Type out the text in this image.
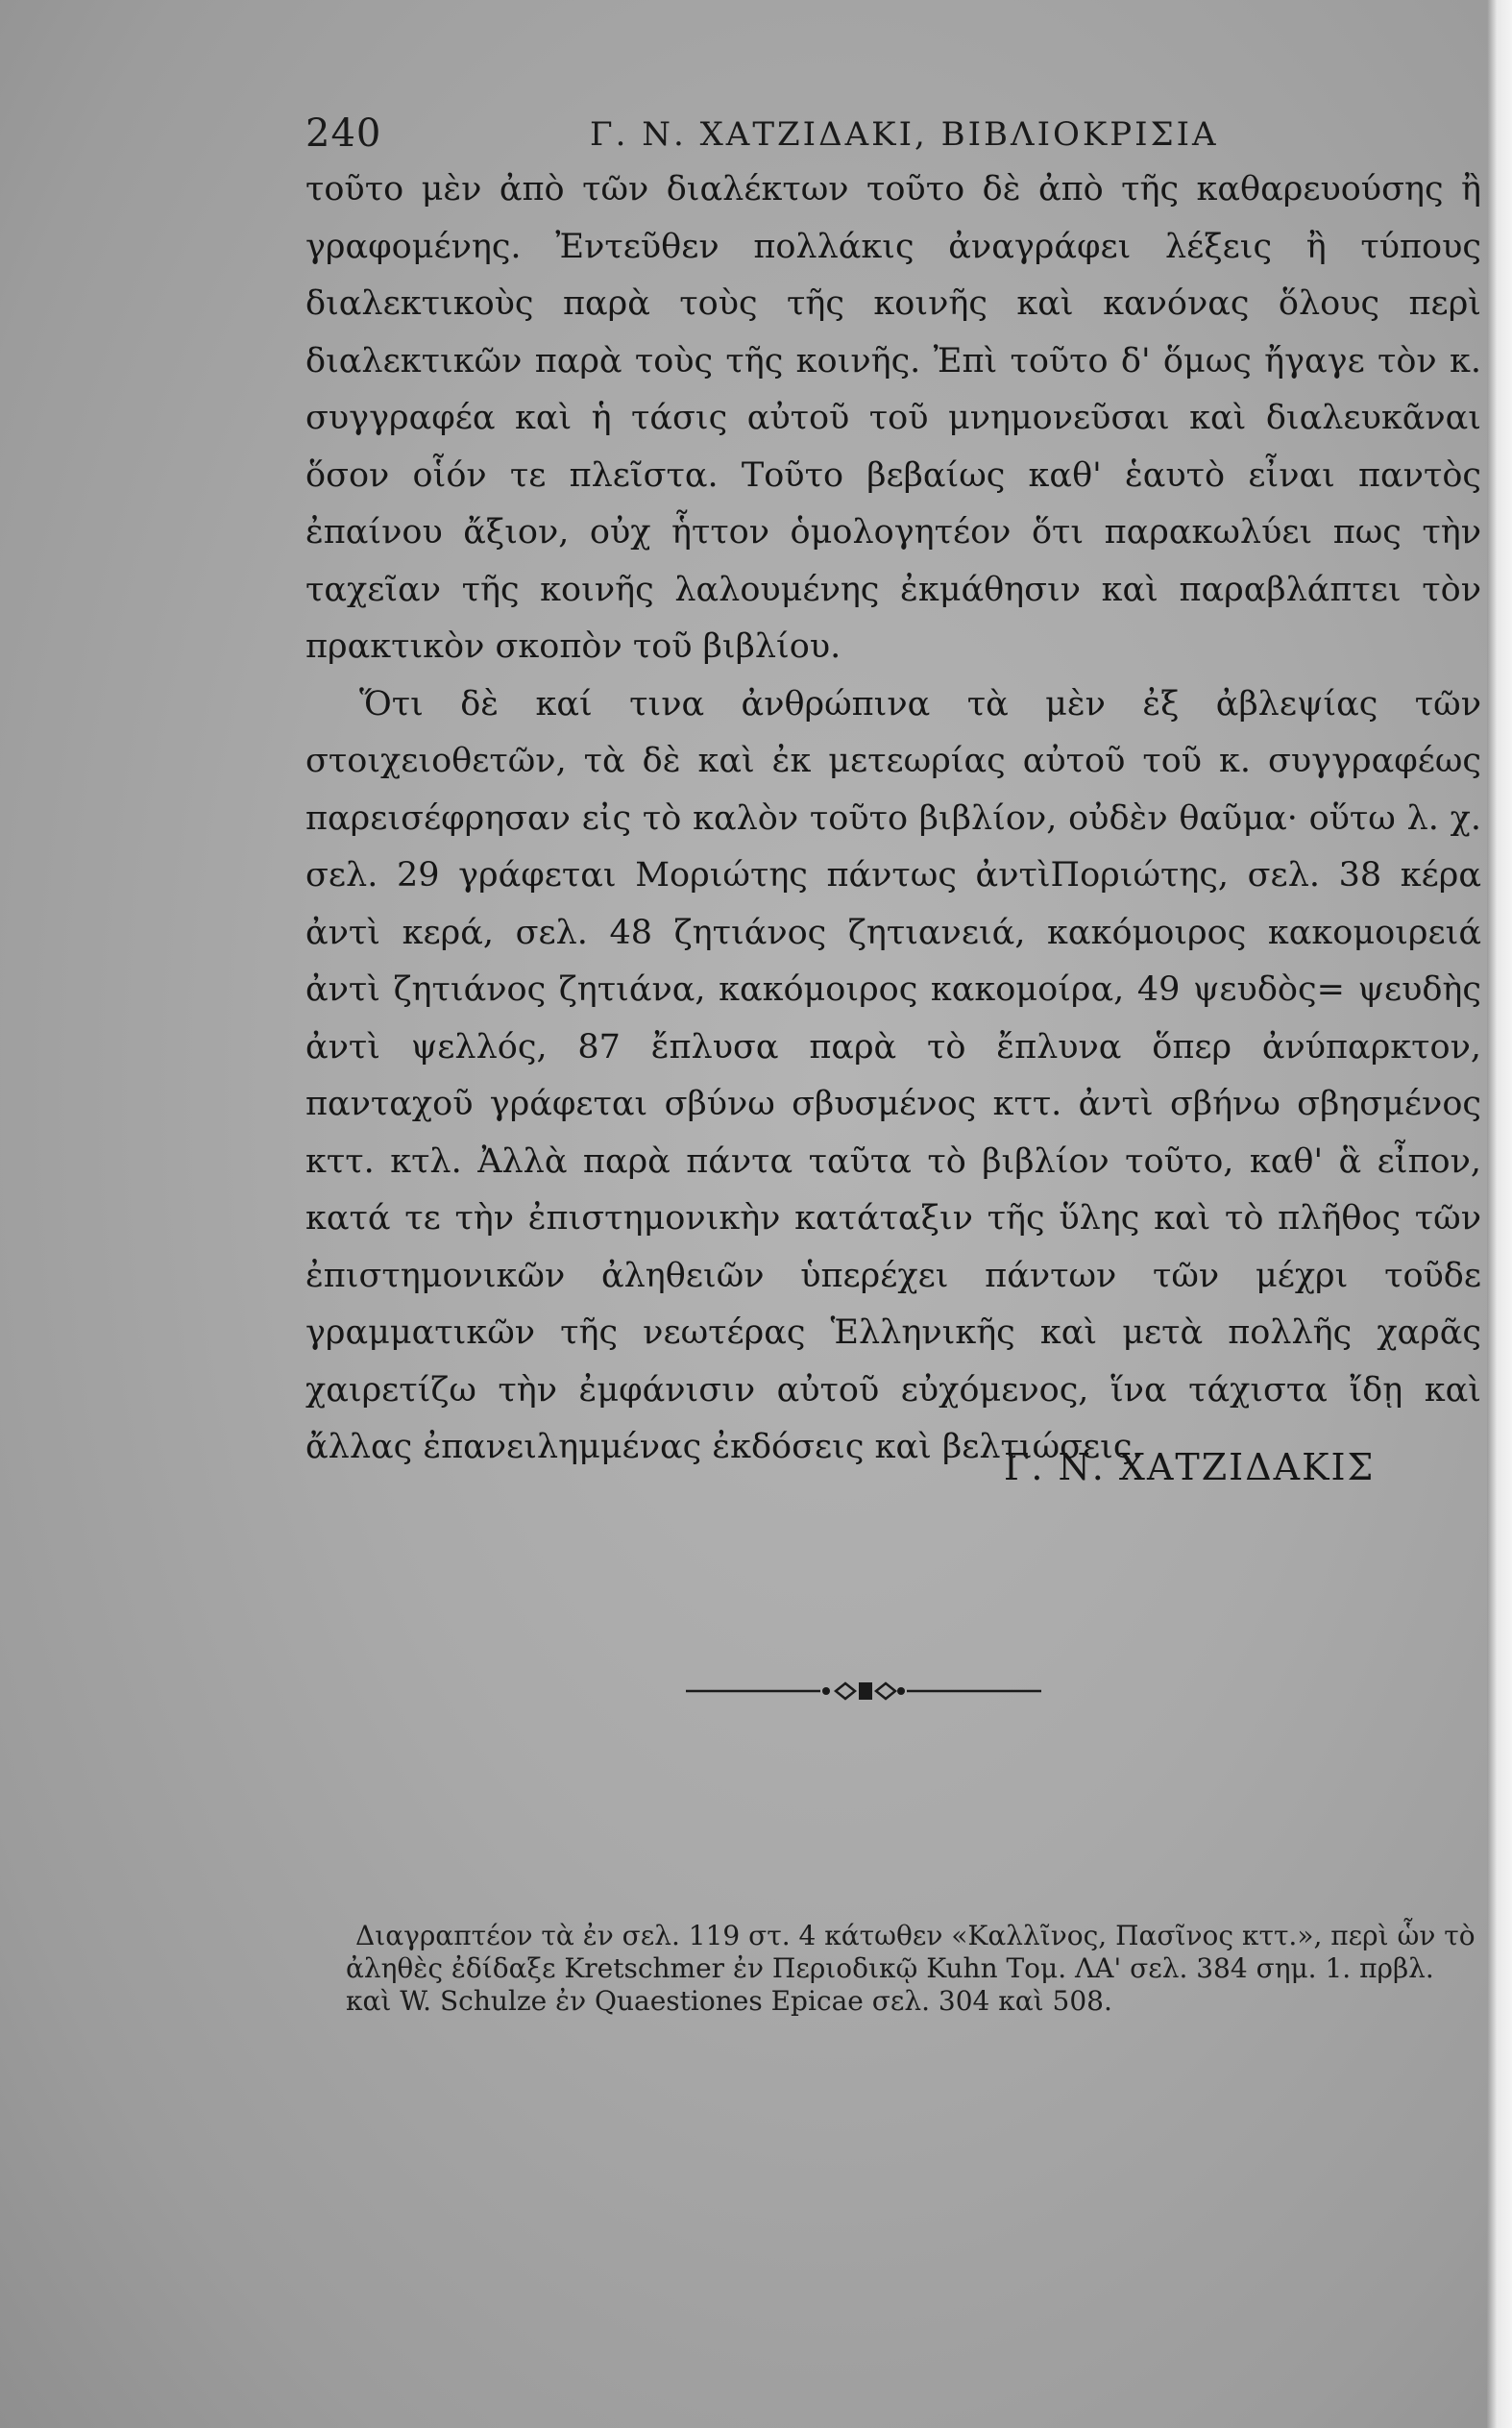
240	Γ. Ν. ΧΑΤΖΙΔΑΚΙ, ΒΙΒΛΙΟΚΡΙΣΙΑ

τοῦτο μὲν ἀπὸ τῶν διαλέκτων τοῦτο δὲ ἀπὸ τῆς καθαρευούσης ἢ γραφομένης. Ἐντεῦθεν πολλάκις ἀναγράφει λέξεις ἢ τύπους διαλεκτικοὺς παρὰ τοὺς τῆς κοινῆς καὶ κανόνας ὅλους περὶ διαλεκτικῶν παρὰ τοὺς τῆς κοινῆς. Ἐπὶ τοῦτο δ' ὅμως ἤγαγε τὸν κ. συγγραφέα καὶ ἡ τάσις αὐτοῦ τοῦ μνημονεῦσαι καὶ διαλευκᾶναι ὅσον οἷόν τε πλεῖστα. Τοῦτο βεβαίως καθ' ἑαυτὸ εἶναι παντὸς ἐπαίνου ἄξιον, οὐχ ἧττον ὁμολογητέον ὅτι παρακωλύει πως τὴν ταχεῖαν τῆς κοινῆς λαλουμένης ἐκμάθησιν καὶ παραβλάπτει τὸν πρακτικὸν σκοπὸν τοῦ βιβλίου.

Ὅτι δὲ καί τινα ἀνθρώπινα τὰ μὲν ἐξ ἀβλεψίας τῶν στοιχειοθετῶν, τὰ δὲ καὶ ἐκ μετεωρίας αὐτοῦ τοῦ κ. συγγραφέως παρεισέφρησαν εἰς τὸ καλὸν τοῦτο βιβλίον, οὐδὲν θαῦμα· οὕτω λ. χ. σελ. 29 γράφεται Μοριώτης πάντως ἀντὶΠοριώτης, σελ. 38 κέρα ἀντὶ κερά, σελ. 48 ζητιάνος ζητιανειά, κακόμοιρος κακομοιρειά ἀντὶ ζητιάνος ζητιάνα, κακόμοιρος κακομοίρα, 49 ψευδὸς= ψευδὴς ἀντὶ ψελλός, 87 ἔπλυσα παρὰ τὸ ἔπλυνα ὅπερ ἀνύπαρκτον, πανταχοῦ γράφεται σβύνω σβυσμένος κττ. ἀντὶ σβήνω σβησμένος κττ. κτλ. Ἀλλὰ παρὰ πάντα ταῦτα τὸ βιβλίον τοῦτο, καθ' ἃ εἶπον, κατά τε τὴν ἐπιστημονικὴν κατάταξιν τῆς ὕλης καὶ τὸ πλῆθος τῶν ἐπιστημονικῶν ἀληθειῶν ὑπερέχει πάντων τῶν μέχρι τοῦδε γραμματικῶν τῆς νεωτέρας Ἑλληνικῆς καὶ μετὰ πολλῆς χαρᾶς χαιρετίζω τὴν ἐμφάνισιν αὐτοῦ εὐχόμενος, ἵνα τάχιστα ἴδῃ καὶ ἄλλας ἐπανειλημμένας ἐκδόσεις καὶ βελτιώσεις.

Γ. Ν. ΧΑΤΖΙΔΑΚΙΣ

Διαγραπτέον τὰ ἐν σελ. 119 στ. 4 κάτωθεν «Καλλῖνος, Πασῖνος κττ.», περὶ ὧν τὸ ἀληθὲς ἐδίδαξε Kretschmer ἐν Περιοδικῷ Kuhn Τομ. ΛΑ' σελ. 384 σημ. 1. πρβλ. καὶ W. Schulze ἐν Quaestiones Epicae σελ. 304 καὶ 508.
